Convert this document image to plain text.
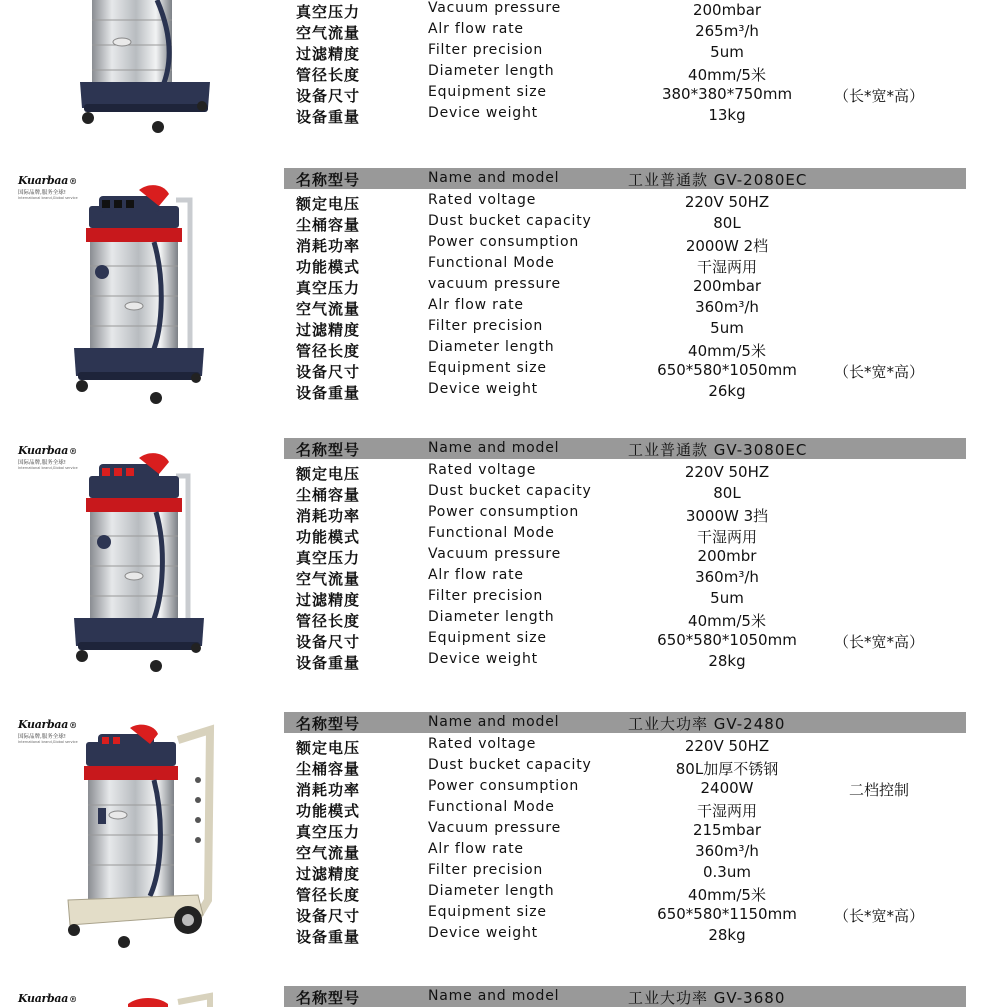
真空压力	Vacuum pressure	200mbar
空气流量	Alr flow rate	265m³/h
过滤精度	Filter precision	5um
管径长度	Diameter length	40mm/5米
设备尺寸	Equipment size	380*380*750mm	（长*宽*高）
设备重量	Device weight	13kg
Kuarbaa®
国际品牌,服务全球!
International brand,Global service
名称型号	Name and model	工业普通款 GV-2080EC
额定电压	Rated voltage	220V 50HZ
尘桶容量	Dust bucket capacity	80L
消耗功率	Power consumption	2000W 2档
功能模式	Functional Mode	干湿两用
真空压力	vacuum pressure	200mbar
空气流量	Alr flow rate	360m³/h
过滤精度	Filter precision	5um
管径长度	Diameter length	40mm/5米
设备尺寸	Equipment size	650*580*1050mm	（长*宽*高）
设备重量	Device weight	26kg
Kuarbaa®
国际品牌,服务全球!
International brand,Global service
名称型号	Name and model	工业普通款 GV-3080EC
额定电压	Rated voltage	220V 50HZ
尘桶容量	Dust bucket capacity	80L
消耗功率	Power consumption	3000W 3挡
功能模式	Functional Mode	干湿两用
真空压力	Vacuum pressure	200mbr
空气流量	Alr flow rate	360m³/h
过滤精度	Filter precision	5um
管径长度	Diameter length	40mm/5米
设备尺寸	Equipment size	650*580*1050mm	（长*宽*高）
设备重量	Device weight	28kg
Kuarbaa®
国际品牌,服务全球!
International brand,Global service
名称型号	Name and model	工业大功率 GV-2480
额定电压	Rated voltage	220V 50HZ
尘桶容量	Dust bucket capacity	80L加厚不锈钢
消耗功率	Power consumption	2400W	二档控制
功能模式	Functional Mode	干湿两用
真空压力	Vacuum pressure	215mbar
空气流量	Alr flow rate	360m³/h
过滤精度	Filter precision	0.3um
管径长度	Diameter length	40mm/5米
设备尺寸	Equipment size	650*580*1150mm	（长*宽*高）
设备重量	Device weight	28kg
Kuarbaa®	名称型号	Name and model	工业大功率 GV-3680
